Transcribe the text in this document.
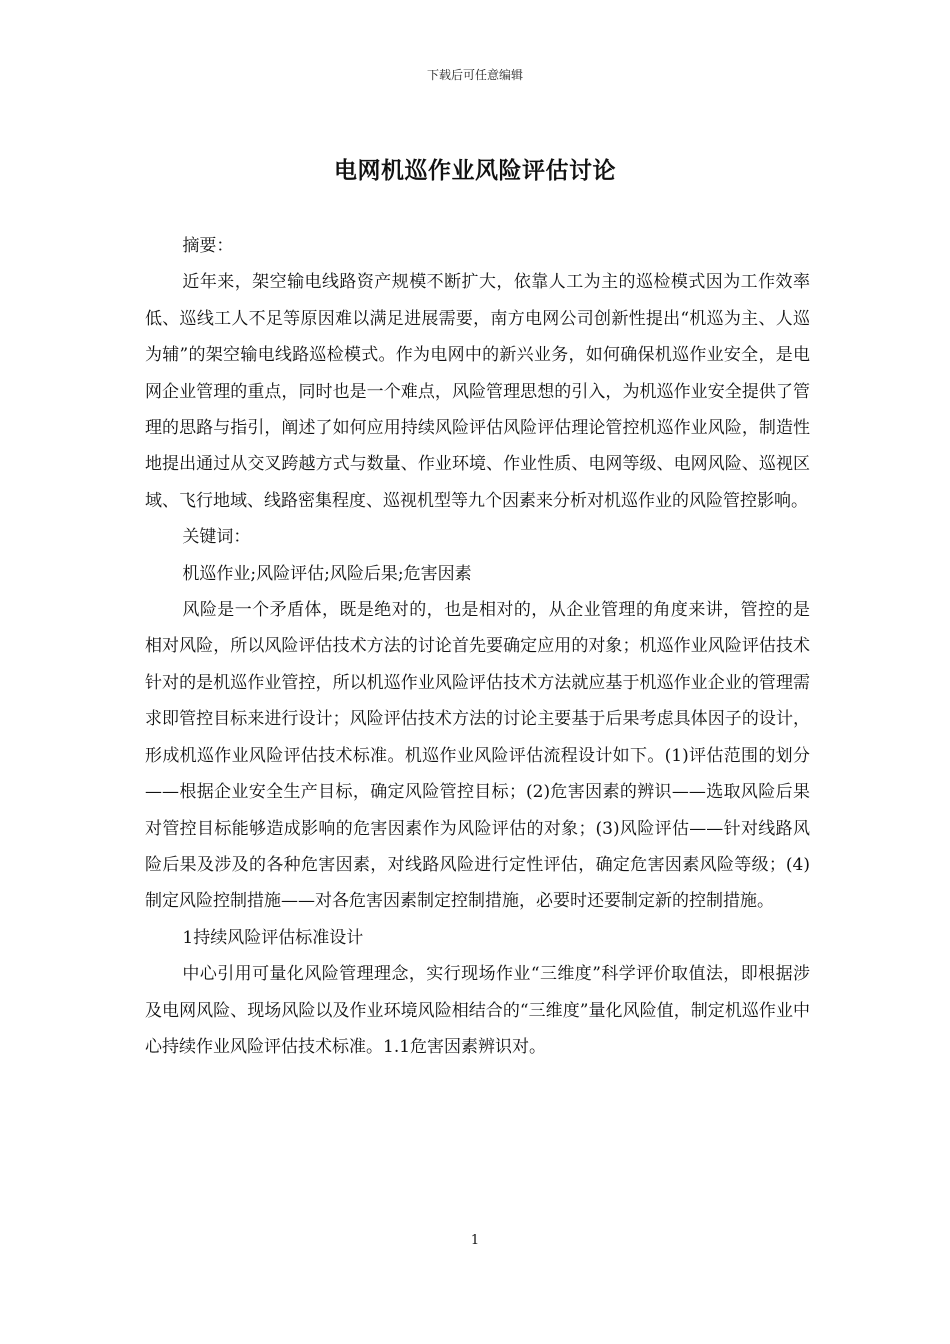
下载后可任意编辑
电网机巡作业风险评估讨论

摘要：

近年来，架空输电线路资产规模不断扩大，依靠人工为主的巡检模式因为工作效率低、巡线工人不足等原因难以满足进展需要，南方电网公司创新性提出“机巡为主、人巡为辅”的架空输电线路巡检模式。作为电网中的新兴业务，如何确保机巡作业安全，是电网企业管理的重点，同时也是一个难点，风险管理思想的引入，为机巡作业安全提供了管理的思路与指引，阐述了如何应用持续风险评估风险评估理论管控机巡作业风险，制造性地提出通过从交叉跨越方式与数量、作业环境、作业性质、电网等级、电网风险、巡视区域、飞行地域、线路密集程度、巡视机型等九个因素来分析对机巡作业的风险管控影响。

关键词：

机巡作业;风险评估;风险后果;危害因素

风险是一个矛盾体，既是绝对的，也是相对的，从企业管理的角度来讲，管控的是相对风险，所以风险评估技术方法的讨论首先要确定应用的对象；机巡作业风险评估技术针对的是机巡作业管控，所以机巡作业风险评估技术方法就应基于机巡作业企业的管理需求即管控目标来进行设计；风险评估技术方法的讨论主要基于后果考虑具体因子的设计，形成机巡作业风险评估技术标准。机巡作业风险评估流程设计如下。(1)评估范围的划分——根据企业安全生产目标，确定风险管控目标；(2)危害因素的辨识——选取风险后果对管控目标能够造成影响的危害因素作为风险评估的对象；(3)风险评估——针对线路风险后果及涉及的各种危害因素，对线路风险进行定性评估，确定危害因素风险等级；(4)制定风险控制措施——对各危害因素制定控制措施，必要时还要制定新的控制措施。

1持续风险评估标准设计

中心引用可量化风险管理理念，实行现场作业“三维度”科学评价取值法，即根据涉及电网风险、现场风险以及作业环境风险相结合的“三维度”量化风险值，制定机巡作业中心持续作业风险评估技术标准。1.1危害因素辨识对。

1
